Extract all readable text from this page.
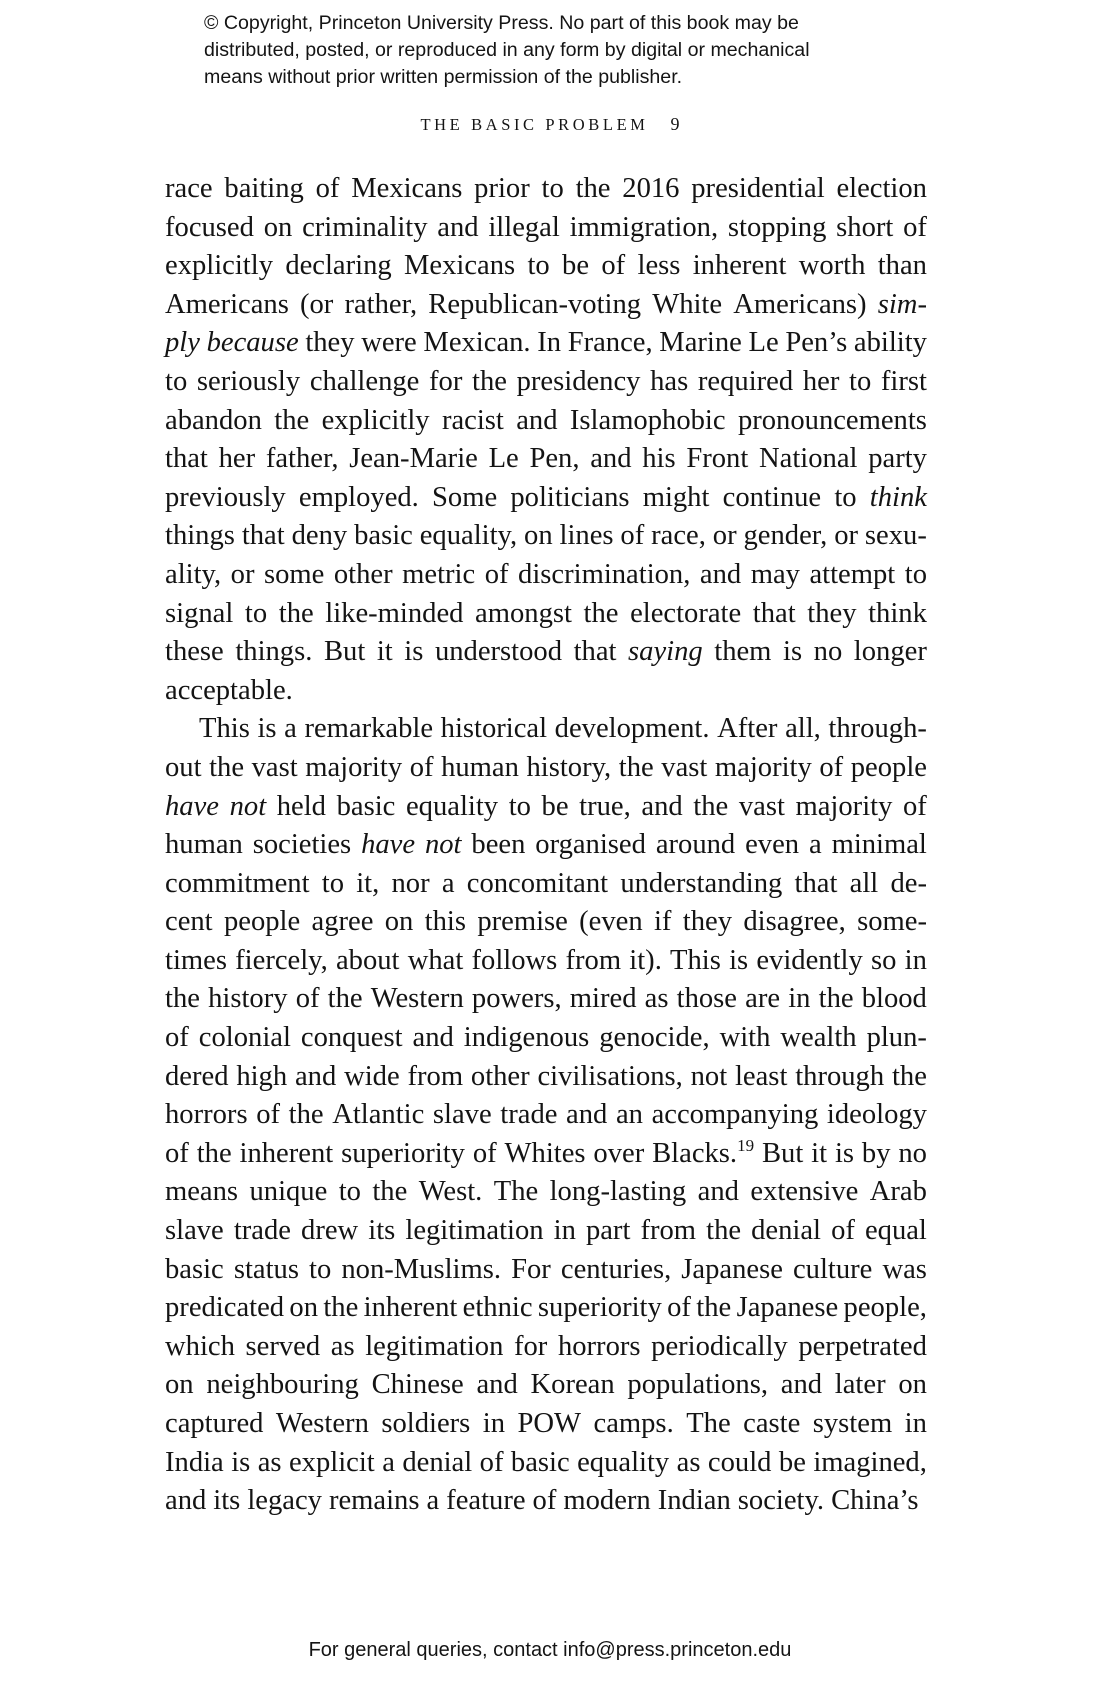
© Copyright, Princeton University Press. No part of this book may be
distributed, posted, or reproduced in any form by digital or mechanical
means without prior written permission of the publisher.
THE BASIC PROBLEM 9
race baiting of Mexicans prior to the 2016 presidential election
focused on criminality and illegal immigration, stopping short of
explicitly declaring Mexicans to be of less inherent worth than
Americans (or rather, Republican-voting White Americans) sim-
ply because they were Mexican. In France, Marine Le Pen’s ability
to seriously challenge for the presidency has required her to first
abandon the explicitly racist and Islamophobic pronouncements
that her father, Jean-Marie Le Pen, and his Front National party
previously employed. Some politicians might continue to think
things that deny basic equality, on lines of race, or gender, or sexu-
ality, or some other metric of discrimination, and may attempt to
signal to the like-minded amongst the electorate that they think
these things. But it is understood that saying them is no longer
acceptable.
This is a remarkable historical development. After all, through-
out the vast majority of human history, the vast majority of people
have not held basic equality to be true, and the vast majority of
human societies have not been organised around even a minimal
commitment to it, nor a concomitant understanding that all de-
cent people agree on this premise (even if they disagree, some-
times fiercely, about what follows from it). This is evidently so in
the history of the Western powers, mired as those are in the blood
of colonial conquest and indigenous genocide, with wealth plun-
dered high and wide from other civilisations, not least through the
horrors of the Atlantic slave trade and an accompanying ideology
of the inherent superiority of Whites over Blacks.$^{19}$ But it is by no
means unique to the West. The long-lasting and extensive Arab
slave trade drew its legitimation in part from the denial of equal
basic status to non-Muslims. For centuries, Japanese culture was
predicated on the inherent ethnic superiority of the Japanese people,
which served as legitimation for horrors periodically perpetrated
on neighbouring Chinese and Korean populations, and later on
captured Western soldiers in POW camps. The caste system in
India is as explicit a denial of basic equality as could be imagined,
and its legacy remains a feature of modern Indian society. China’s
For general queries, contact info@press.princeton.edu
